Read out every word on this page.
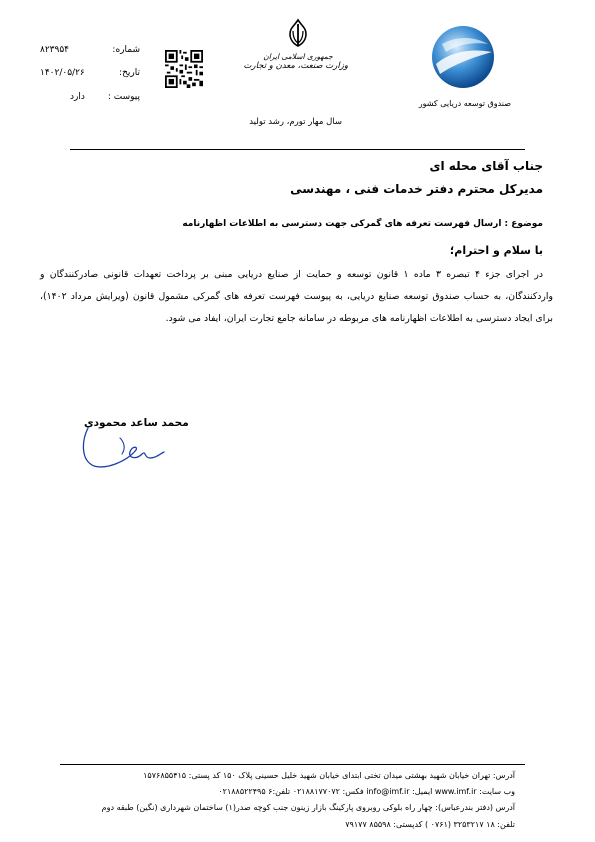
۸۲۳۹۵۴	شماره:
۱۴۰۲/۰۵/۲۶	تاریخ:
دارد	پیوست :
جمهوری اسلامی ایران
وزارت صنعت، معدن و تجارت
صندوق توسعه دریایی کشور
سال مهار تورم، رشد تولید
جناب آقای محله ای
مدیرکل محترم دفتر خدمات فنی ، مهندسی
موضوع : ارسال فهرست تعرفه های گمرکی جهت دسترسی به اطلاعات اظهارنامه
با سلام و احترام؛
در اجرای جزء ۴ تبصره ۳ ماده ۱ قانون توسعه و حمایت از صنایع دریایی مبنی بر پرداخت تعهدات قانونی صادرکنندگان و واردکنندگان، به حساب صندوق توسعه صنایع دریایی، به پیوست فهرست تعرفه های گمرکی مشمول قانون (ویرایش مرداد ۱۴۰۲)، برای ایجاد دسترسی به اطلاعات اظهارنامه های مربوطه در سامانه جامع تجارت ایران، ایفاد می شود.
محمد ساعد محمودی
آدرس: تهران خیابان شهید بهشتی میدان تختی ابتدای خیابان شهید خلیل حسینی پلاک ۱۵۰ کد پستی: ۱۵۷۶۸۵۵۴۱۵
وب سایت: www.imf.ir ایمیل: info@imf.ir فکس: ۰۲۱۸۸۱۷۷۰۷۲ تلفن:۶ ۰۲۱۸۸۵۲۲۴۹۵
آدرس (دفتر بندرعباس): چهار راه بلوکی روبروی پارکینگ بازار زینون جنب کوچه صدر(۱) ساختمان شهرداری (نگین) طبقه دوم
تلفن: ۱۸ ۳۲۵۳۲۱۷ (۰۷۶۱ ) کدپستی: ۸۵۵۹۸ ۷۹۱۷۷
